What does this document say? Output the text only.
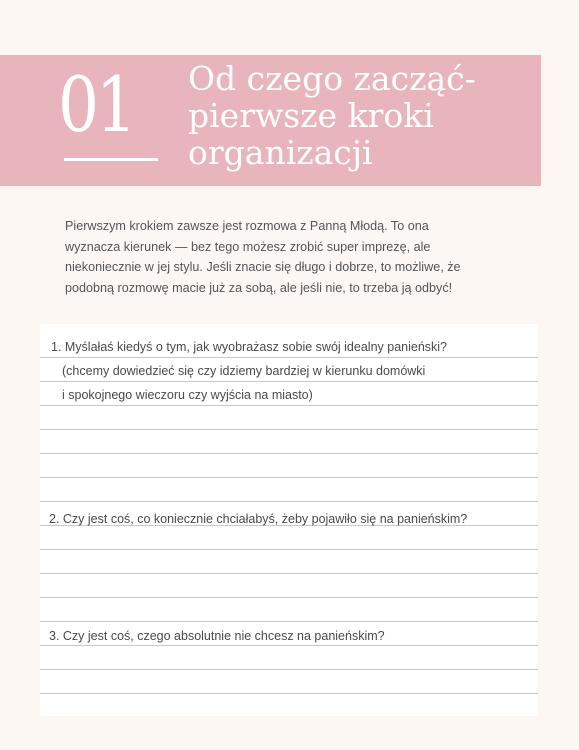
01 Od czego zacząć-
pierwsze kroki
organizacji

Pierwszym krokiem zawsze jest rozmowa z Panną Młodą. To ona
wyznacza kierunek — bez tego możesz zrobić super imprezę, ale
niekoniecznie w jej stylu. Jeśli znacie się długo i dobrze, to możliwe, że
podobną rozmowę macie już za sobą, ale jeśli nie, to trzeba ją odbyć!

1. Myślałaś kiedyś o tym, jak wyobrażasz sobie swój idealny panieński?
(chcemy dowiedzieć się czy idziemy bardziej w kierunku domówki
i spokojnego wieczoru czy wyjścia na miasto)
2. Czy jest coś, co koniecznie chciałabyś, żeby pojawiło się na panieńskim?
3. Czy jest coś, czego absolutnie nie chcesz na panieńskim?
